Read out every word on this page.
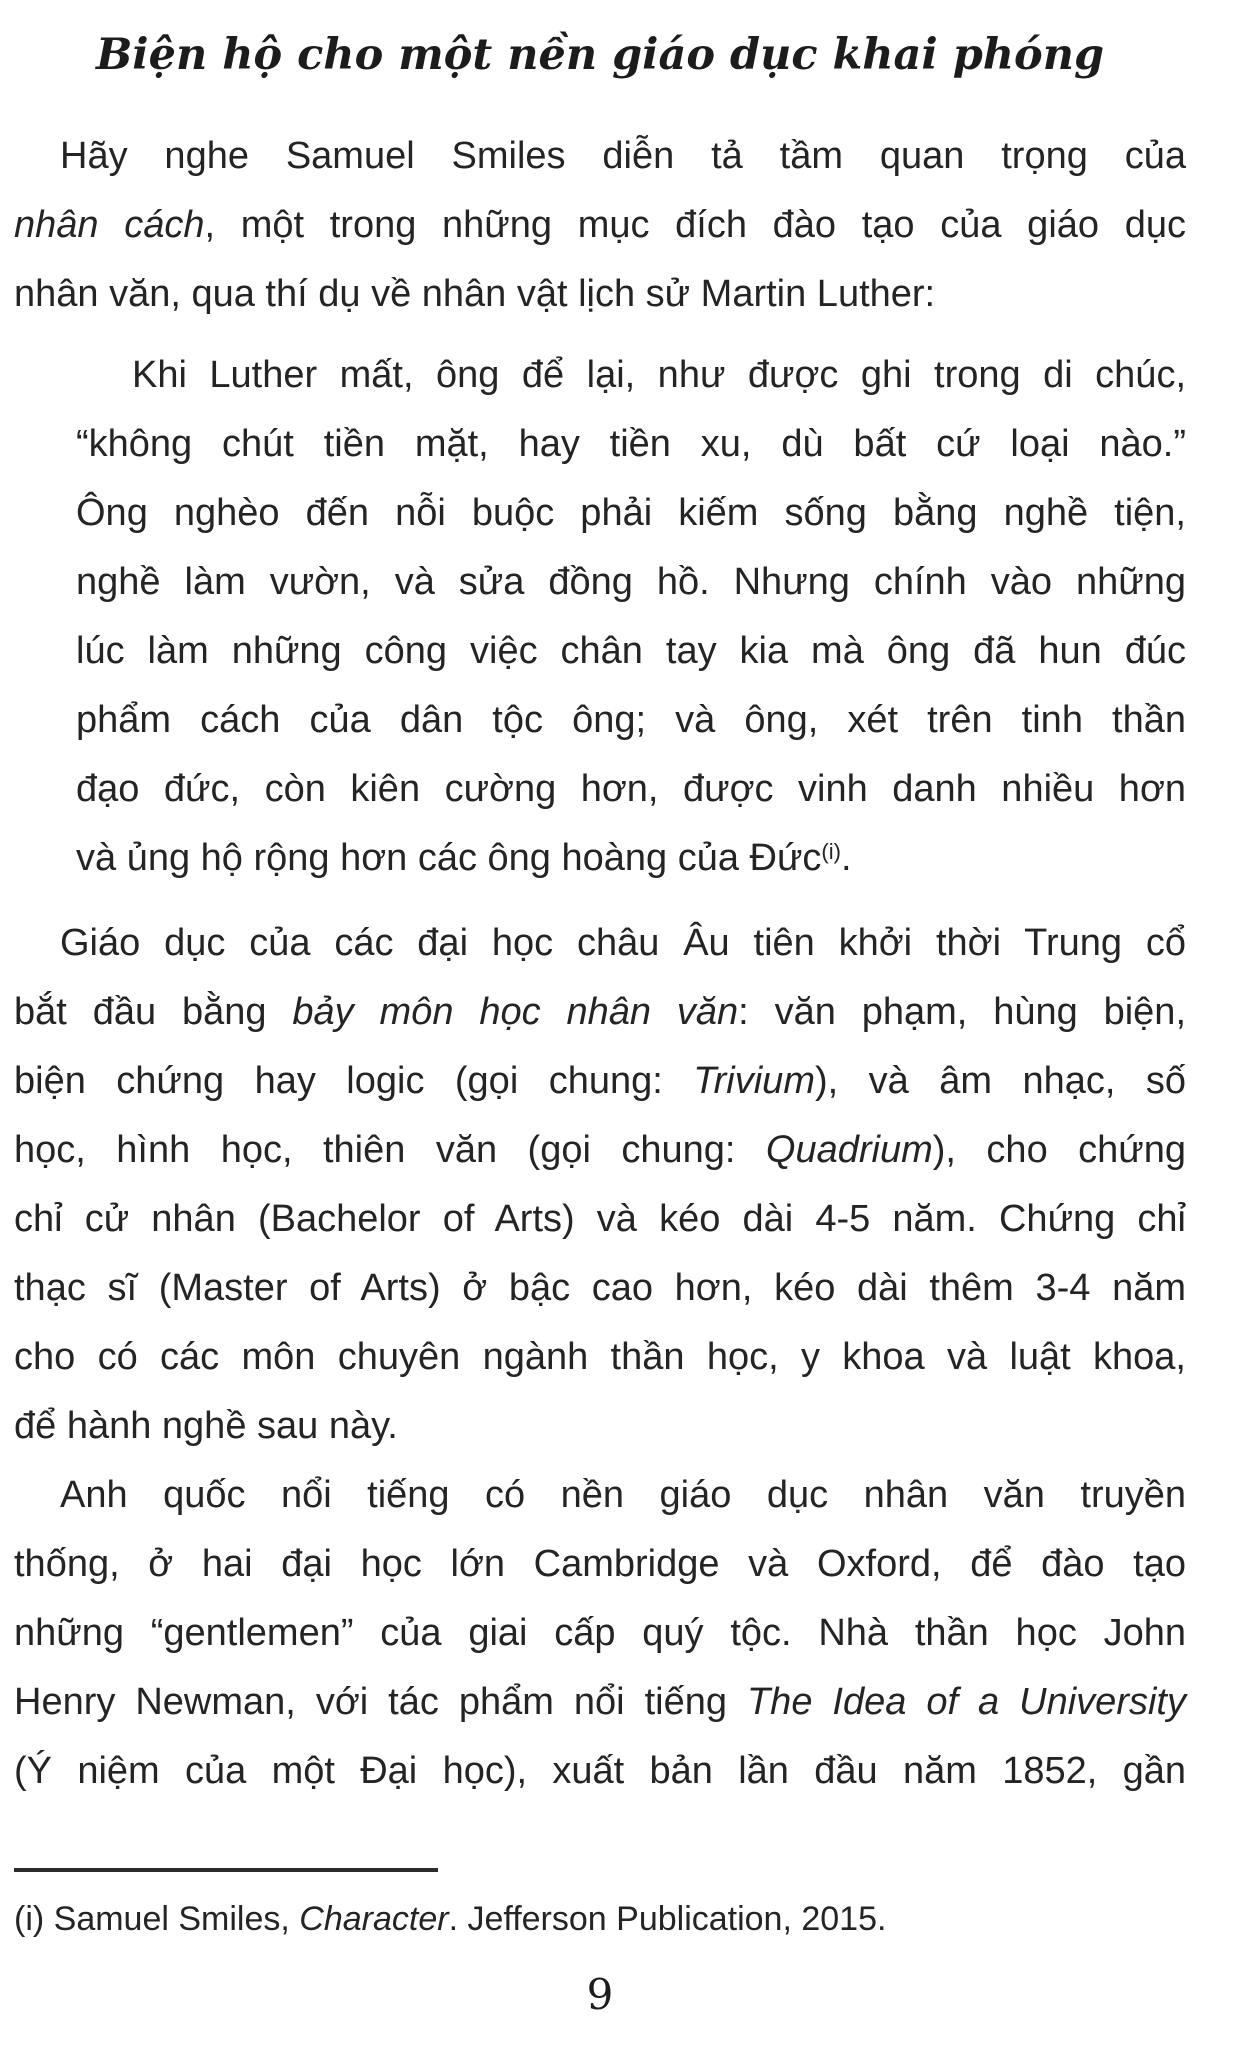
Biện hộ cho một nền giáo dục khai phóng

Hãy nghe Samuel Smiles diễn tả tầm quan trọng của
nhân cách, một trong những mục đích đào tạo của giáo dục
nhân văn, qua thí dụ về nhân vật lịch sử Martin Luther:

Khi Luther mất, ông để lại, như được ghi trong di chúc,
“không chút tiền mặt, hay tiền xu, dù bất cứ loại nào.”
Ông nghèo đến nỗi buộc phải kiếm sống bằng nghề tiện,
nghề làm vườn, và sửa đồng hồ. Nhưng chính vào những
lúc làm những công việc chân tay kia mà ông đã hun đúc
phẩm cách của dân tộc ông; và ông, xét trên tinh thần
đạo đức, còn kiên cường hơn, được vinh danh nhiều hơn
và ủng hộ rộng hơn các ông hoàng của Đức$^{(i)}$.

Giáo dục của các đại học châu Âu tiên khởi thời Trung cổ
bắt đầu bằng bảy môn học nhân văn: văn phạm, hùng biện,
biện chứng hay logic (gọi chung: Trivium), và âm nhạc, số
học, hình học, thiên văn (gọi chung: Quadrium), cho chứng
chỉ cử nhân (Bachelor of Arts) và kéo dài 4-5 năm. Chứng chỉ
thạc sĩ (Master of Arts) ở bậc cao hơn, kéo dài thêm 3-4 năm
cho có các môn chuyên ngành thần học, y khoa và luật khoa,
để hành nghề sau này.

Anh quốc nổi tiếng có nền giáo dục nhân văn truyền
thống, ở hai đại học lớn Cambridge và Oxford, để đào tạo
những “gentlemen” của giai cấp quý tộc. Nhà thần học John
Henry Newman, với tác phẩm nổi tiếng The Idea of a University
(Ý niệm của một Đại học), xuất bản lần đầu năm 1852, gần

(i) Samuel Smiles, Character. Jefferson Publication, 2015.
9
